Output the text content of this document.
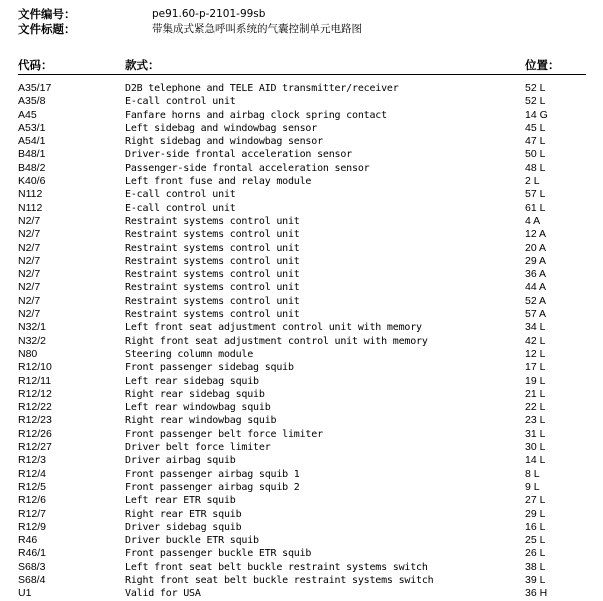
文件编号：	pe91.60-p-2101-99sb
文件标题：	带集成式紧急呼叫系统的气囊控制单元电路图
代码：	款式：	位置：
A35/17	D2B telephone and TELE AID transmitter/receiver	52 L
A35/8	E-call control unit	52 L
A45	Fanfare horns and airbag clock spring contact	14 G
A53/1	Left sidebag and windowbag sensor	45 L
A54/1	Right sidebag and windowbag sensor	47 L
B48/1	Driver-side frontal acceleration sensor	50 L
B48/2	Passenger-side frontal acceleration sensor	48 L
K40/6	Left front fuse and relay module	2 L
N112	E-call control unit	57 L
N112	E-call control unit	61 L
N2/7	Restraint systems control unit	4 A
N2/7	Restraint systems control unit	12 A
N2/7	Restraint systems control unit	20 A
N2/7	Restraint systems control unit	29 A
N2/7	Restraint systems control unit	36 A
N2/7	Restraint systems control unit	44 A
N2/7	Restraint systems control unit	52 A
N2/7	Restraint systems control unit	57 A
N32/1	Left front seat adjustment control unit with memory	34 L
N32/2	Right front seat adjustment control unit with memory	42 L
N80	Steering column module	12 L
R12/10	Front passenger sidebag squib	17 L
R12/11	Left rear sidebag squib	19 L
R12/12	Right rear sidebag squib	21 L
R12/22	Left rear windowbag squib	22 L
R12/23	Right rear windowbag squib	23 L
R12/26	Front passenger belt force limiter	31 L
R12/27	Driver belt force limiter	30 L
R12/3	Driver airbag squib	14 L
R12/4	Front passenger airbag squib 1	8 L
R12/5	Front passenger airbag squib 2	9 L
R12/6	Left rear ETR squib	27 L
R12/7	Right rear ETR squib	29 L
R12/9	Driver sidebag squib	16 L
R46	Driver buckle ETR squib	25 L
R46/1	Front passenger buckle ETR squib	26 L
S68/3	Left front seat belt buckle restraint systems switch	38 L
S68/4	Right front seat belt buckle restraint systems switch	39 L
U1	Valid for USA	36 H
